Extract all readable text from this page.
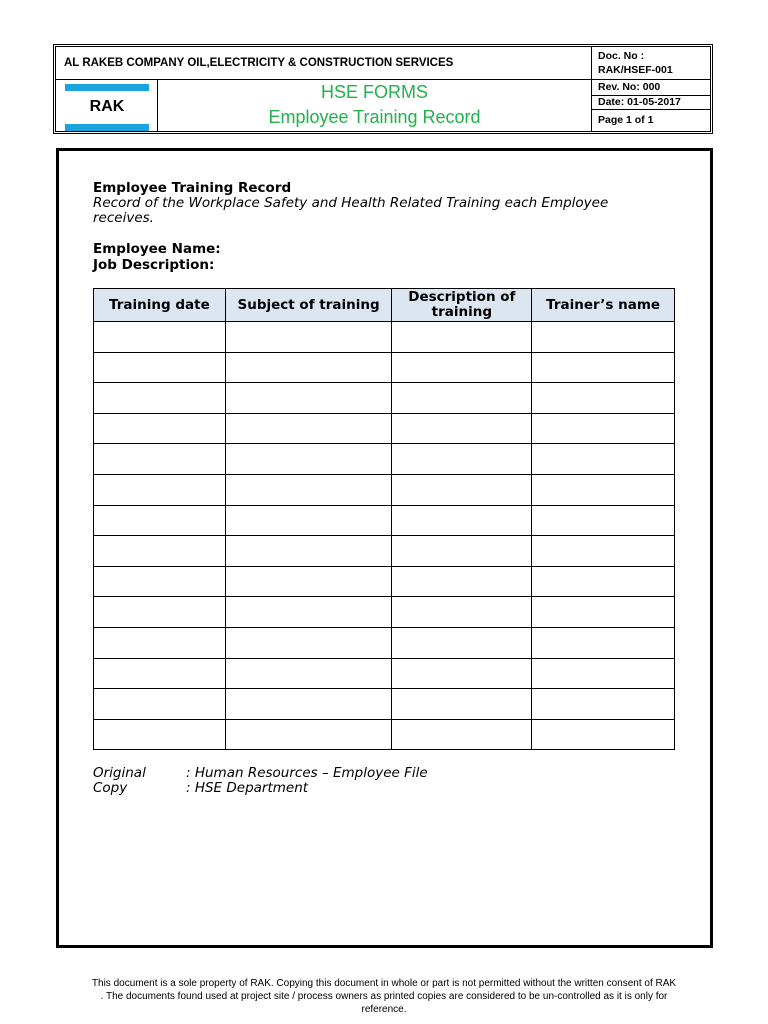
AL RAKEB COMPANY OIL,ELECTRICITY & CONSTRUCTION SERVICES
RAK
HSE FORMS
Employee Training Record
Doc. No :
RAK/HSEF-001
Rev. No: 000
Date: 01-05-2017
Page 1 of 1
Employee Training Record
Record of the Workplace Safety and Health Related Training each Employee receives.
Employee Name:
Job Description:
Training date	Subject of training	Description of training	Trainer’s name

Original	: Human Resources – Employee File
Copy	: HSE Department
This document is a sole property of RAK. Copying this document in whole or part is not permitted without the written consent of RAK . The documents found used at project site / process owners as printed copies are considered to be un-controlled as it is only for reference.
